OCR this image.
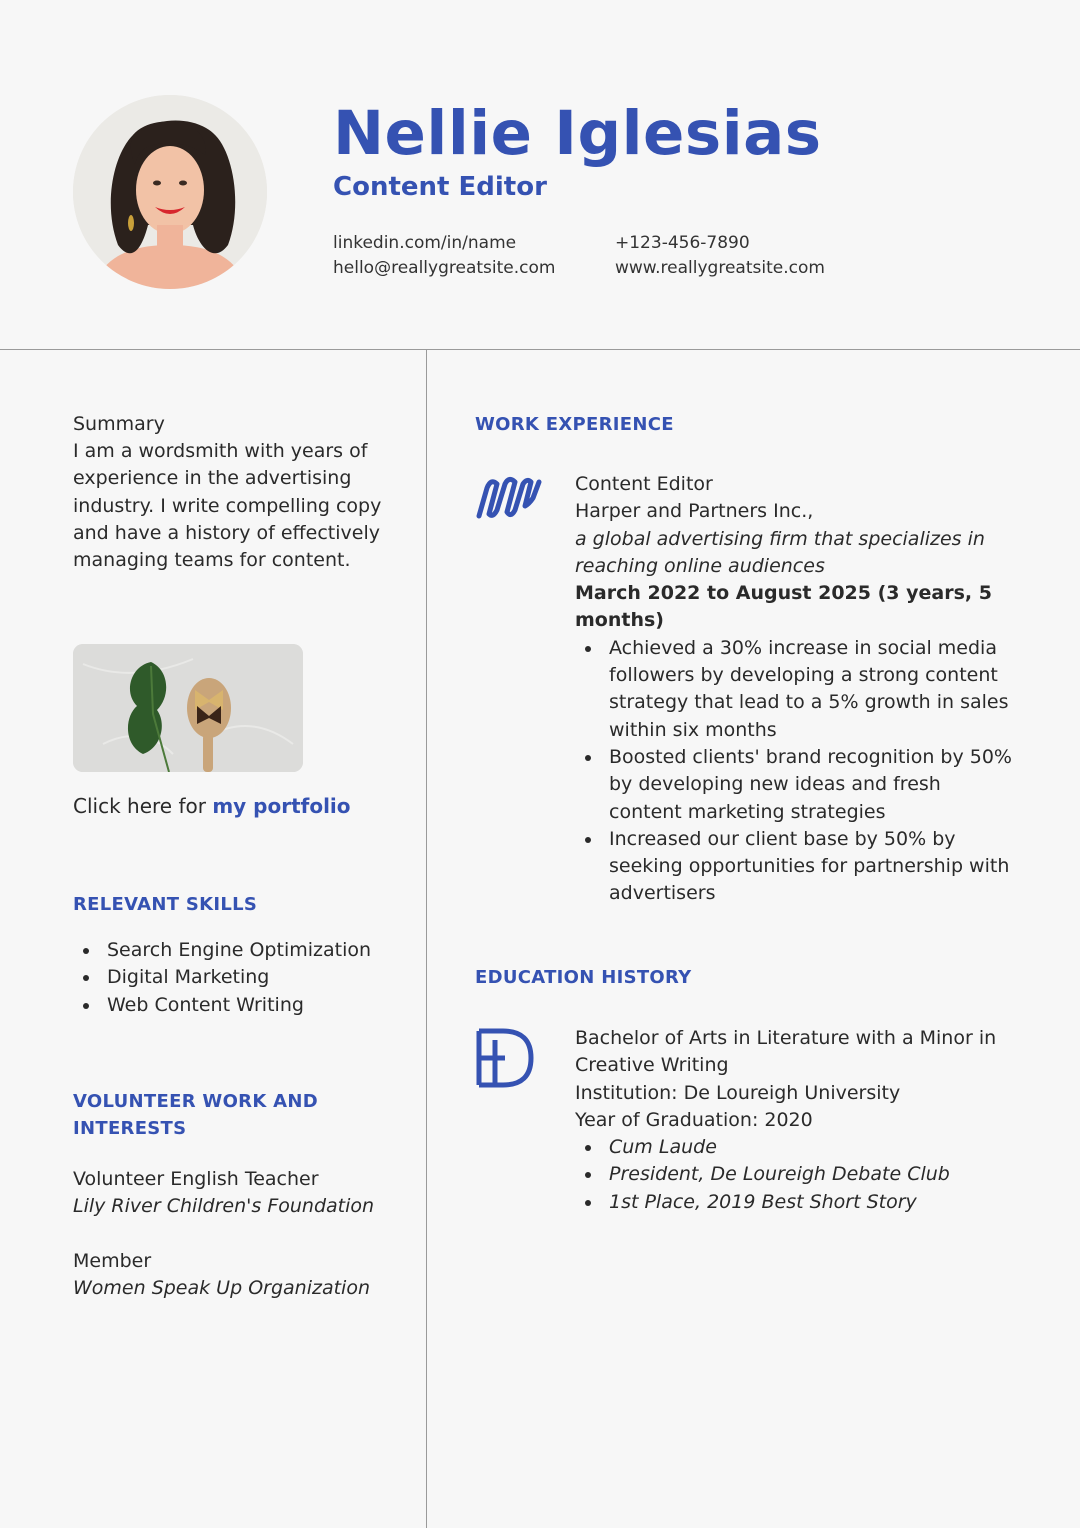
Nellie Iglesias
Content Editor
linkedin.com/in/name
hello@reallygreatsite.com
+123-456-7890
www.reallygreatsite.com
Summary
I am a wordsmith with years of experience in the advertising industry. I write compelling copy and have a history of effectively managing teams for content.
Click here for my portfolio
RELEVANT SKILLS
Search Engine Optimization
Digital Marketing
Web Content Writing
VOLUNTEER WORK AND INTERESTS
Volunteer English Teacher
Lily River Children's Foundation
Member
Women Speak Up Organization
WORK EXPERIENCE
Content Editor
Harper and Partners Inc.,
a global advertising firm that specializes in reaching online audiences
March 2022 to August 2025 (3 years, 5 months)
Achieved a 30% increase in social media followers by developing a strong content strategy that lead to a 5% growth in sales within six months
Boosted clients' brand recognition by 50% by developing new ideas and fresh content marketing strategies
Increased our client base by 50% by seeking opportunities for partnership with advertisers
EDUCATION HISTORY
Bachelor of Arts in Literature with a Minor in Creative Writing
Institution: De Loureigh University
Year of Graduation: 2020
Cum Laude
President, De Loureigh Debate Club
1st Place, 2019 Best Short Story
